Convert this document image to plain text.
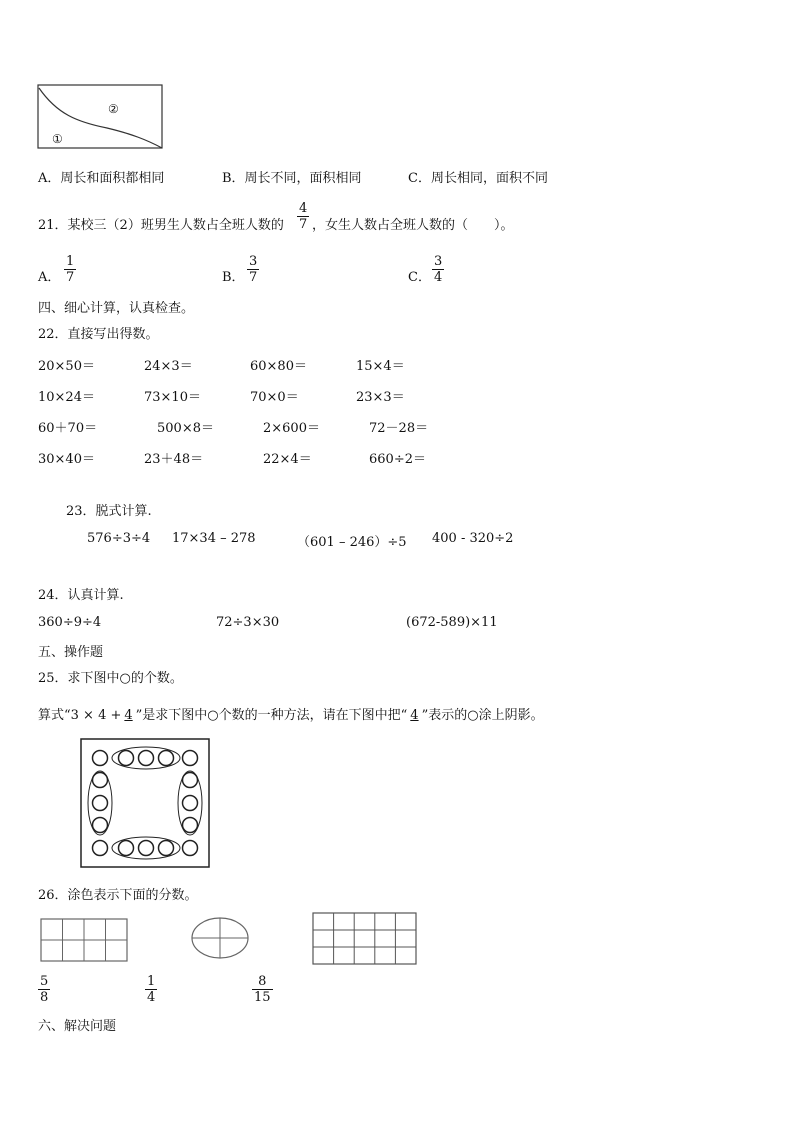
②
①
A．周长和面积都相同	B．周长不同，面积相同	C．周长相同，面积不同
21．某校三（2）班男生人数占全班人数的
4
7 ，女生人数占全班人数的（　　）。
A．
1
7	B．
3
7	C．
3
4
四、细心计算，认真检查。
22．直接写出得数。
20×50＝	24×3＝	60×80＝	15×4＝
10×24＝	73×10＝	70×0＝	23×3＝
60＋70＝	500×8＝	2×600＝	72－28＝
30×40＝	23＋48＝	22×4＝	660÷2＝
23．脱式计算.
576÷3÷4 17×34 – 278	（601 – 246）÷5 400 - 320÷2
24．认真计算.
360÷9÷4	72÷3×30	(672-589)×11
五、操作题
25．求下图中○的个数。
算式“3 × 4 + 4 ”是求下图中○个数的一种方法，请在下图中把“ 4 ”表示的○涂上阴影。
26．涂色表示下面的分数。
5
8
1
4
8
15
六、解决问题
